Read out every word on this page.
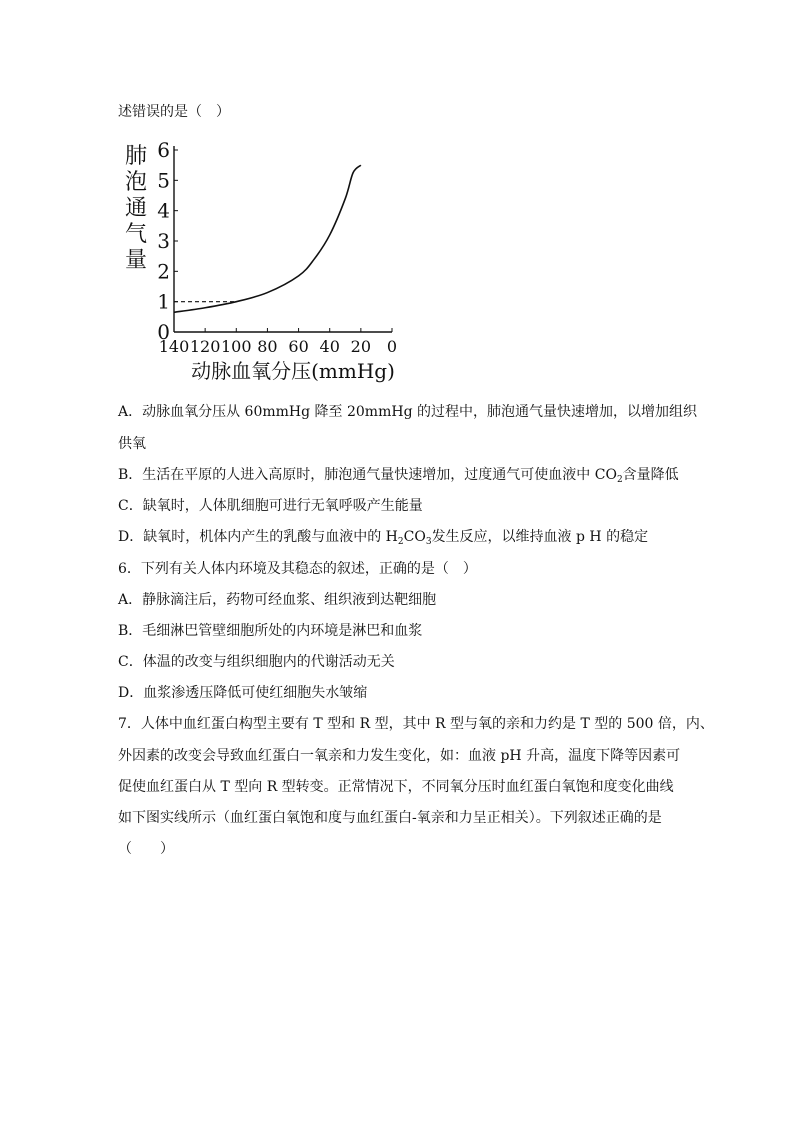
述错误的是（　）
肺
泡
通
气
量
0
1
2
3
4
5
6
140 120 100 80 60 40 20 0
动脉血氧分压(mmHg)
A．动脉血氧分压从 60mmHg 降至 20mmHg 的过程中，肺泡通气量快速增加，以增加组织
供氧
B．生活在平原的人进入高原时，肺泡通气量快速增加，过度通气可使血液中 $CO_2$含量降低
C．缺氧时，人体肌细胞可进行无氧呼吸产生能量
D．缺氧时，机体内产生的乳酸与血液中的 $H_2CO_3$发生反应，以维持血液 p H 的稳定
6．下列有关人体内环境及其稳态的叙述，正确的是（　）
A．静脉滴注后，药物可经血浆、组织液到达靶细胞
B．毛细淋巴管壁细胞所处的内环境是淋巴和血浆
C．体温的改变与组织细胞内的代谢活动无关
D．血浆渗透压降低可使红细胞失水皱缩
7．人体中血红蛋白构型主要有 T 型和 R 型，其中 R 型与氧的亲和力约是 T 型的 500 倍，内、
外因素的改变会导致血红蛋白一氧亲和力发生变化，如：血液 pH 升高，温度下降等因素可
促使血红蛋白从 T 型向 R 型转变。正常情况下，不同氧分压时血红蛋白氧饱和度变化曲线
如下图实线所示（血红蛋白氧饱和度与血红蛋白-氧亲和力呈正相关）。下列叙述正确的是
（　　）
